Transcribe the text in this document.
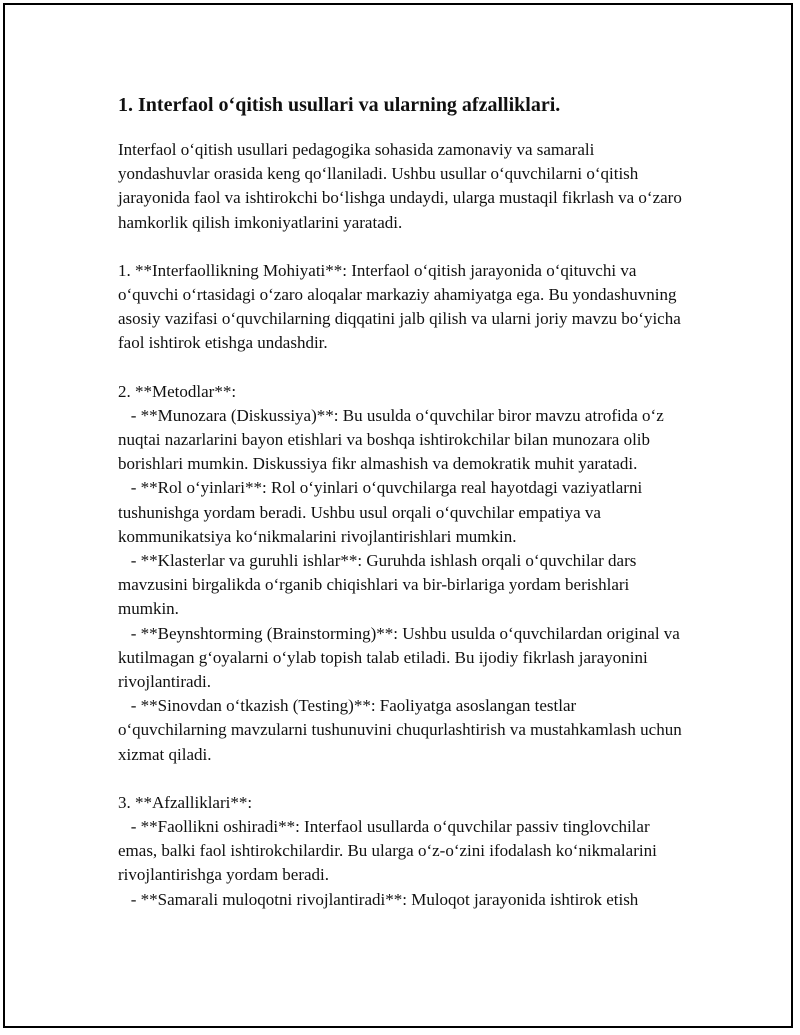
1. Interfaol o‘qitish usullari va ularning afzalliklari.

Interfaol o‘qitish usullari pedagogika sohasida zamonaviy va samarali yondashuvlar orasida keng qo‘llaniladi. Ushbu usullar o‘quvchilarni o‘qitish jarayonida faol va ishtirokchi bo‘lishga undaydi, ularga mustaqil fikrlash va o‘zaro hamkorlik qilish imkoniyatlarini yaratadi.

1. **Interfaollikning Mohiyati**: Interfaol o‘qitish jarayonida o‘qituvchi va o‘quvchi o‘rtasidagi o‘zaro aloqalar markaziy ahamiyatga ega. Bu yondashuvning asosiy vazifasi o‘quvchilarning diqqatini jalb qilish va ularni joriy mavzu bo‘yicha faol ishtirok etishga undashdir.

2. **Metodlar**:

- **Munozara (Diskussiya)**: Bu usulda o‘quvchilar biror mavzu atrofida o‘z nuqtai nazarlarini bayon etishlari va boshqa ishtirokchilar bilan munozara olib borishlari mumkin. Diskussiya fikr almashish va demokratik muhit yaratadi.

- **Rol o‘yinlari**: Rol o‘yinlari o‘quvchilarga real hayotdagi vaziyatlarni tushunishga yordam beradi. Ushbu usul orqali o‘quvchilar empatiya va kommunikatsiya ko‘nikmalarini rivojlantirishlari mumkin.

- **Klasterlar va guruhli ishlar**: Guruhda ishlash orqali o‘quvchilar dars mavzusini birgalikda o‘rganib chiqishlari va bir-birlariga yordam berishlari mumkin.

- **Beynshtorming (Brainstorming)**: Ushbu usulda o‘quvchilardan original va kutilmagan g‘oyalarni o‘ylab topish talab etiladi. Bu ijodiy fikrlash jarayonini rivojlantiradi.

- **Sinovdan o‘tkazish (Testing)**: Faoliyatga asoslangan testlar o‘quvchilarning mavzularni tushunuvini chuqurlashtirish va mustahkamlash uchun xizmat qiladi.

3. **Afzalliklari**:

- **Faollikni oshiradi**: Interfaol usullarda o‘quvchilar passiv tinglovchilar emas, balki faol ishtirokchilardir. Bu ularga o‘z-o‘zini ifodalash ko‘nikmalarini rivojlantirishga yordam beradi.

- **Samarali muloqotni rivojlantiradi**: Muloqot jarayonida ishtirok etish
